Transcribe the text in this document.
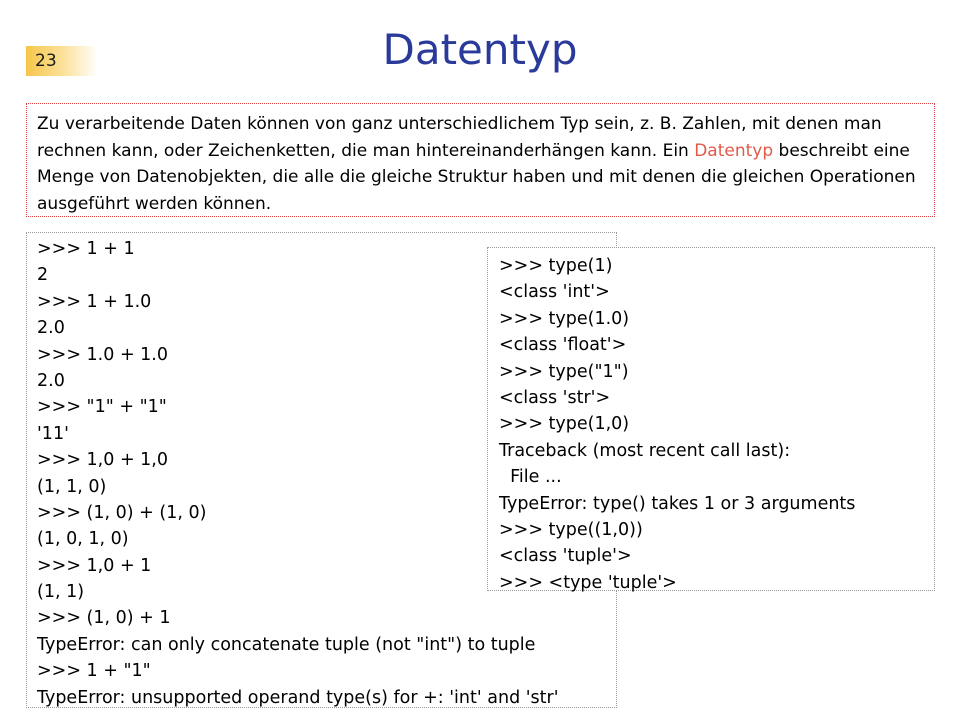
23	Datentyp
Zu verarbeitende Daten können von ganz unterschiedlichem Typ sein, z. B. Zahlen, mit denen man rechnen kann, oder Zeichenketten, die man hintereinanderhängen kann. Ein Datentyp beschreibt eine Menge von Datenobjekten, die alle die gleiche Struktur haben und mit denen die gleichen Operationen ausgeführt werden können.
>>> 1 + 1
2
>>> 1 + 1.0
2.0
>>> 1.0 + 1.0
2.0
>>> "1" + "1"
'11'
>>> 1,0 + 1,0
(1, 1, 0)
>>> (1, 0) + (1, 0)
(1, 0, 1, 0)
>>> 1,0 + 1
(1, 1)
>>> (1, 0) + 1
TypeError: can only concatenate tuple (not "int") to tuple
>>> 1 + "1"
TypeError: unsupported operand type(s) for +: 'int' and 'str'
>>> type(1)
<class 'int'>
>>> type(1.0)
<class 'float'>
>>> type("1")
<class 'str'>
>>> type(1,0)
Traceback (most recent call last):
File ...
TypeError: type() takes 1 or 3 arguments
>>> type((1,0))
<class 'tuple'>
>>> <type 'tuple'>
